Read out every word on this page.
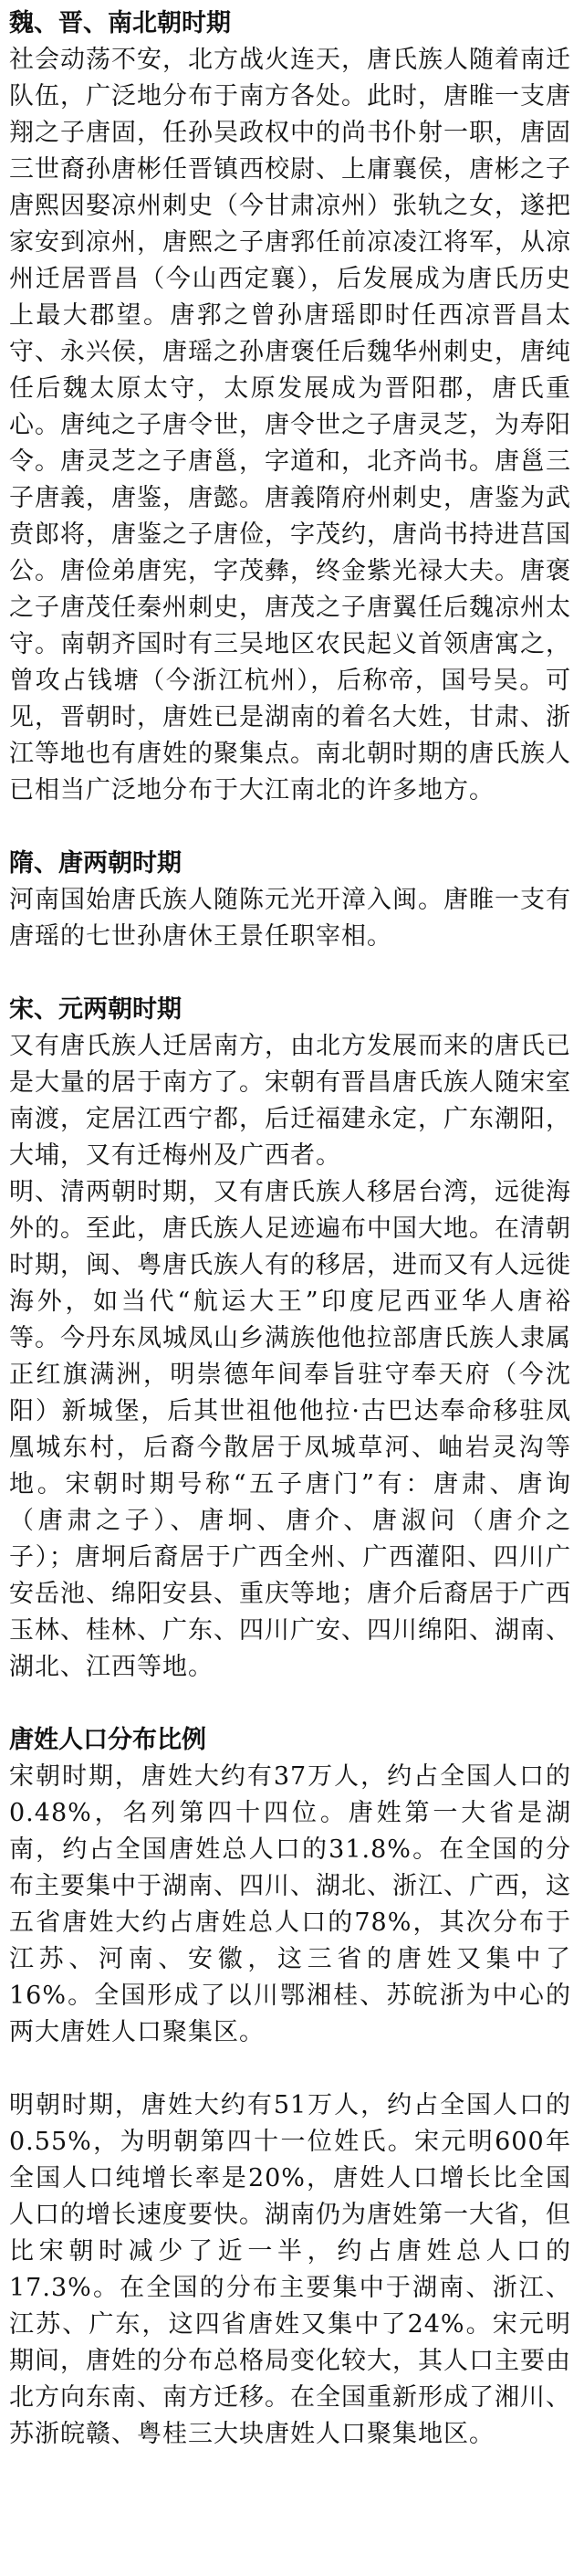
魏、晋、南北朝时期

社会动荡不安，北方战火连天，唐氏族人随着南迁队伍，广泛地分布于南方各处。此时，唐睢一支唐翔之子唐固，任孙吴政权中的尚书仆射一职，唐固三世裔孙唐彬任晋镇西校尉、上庸襄侯，唐彬之子唐熙因娶凉州刺史（今甘肃凉州）张轨之女，遂把家安到凉州，唐熙之子唐郛任前凉凌江将军，从凉州迁居晋昌（今山西定襄），后发展成为唐氏历史上最大郡望。唐郛之曾孙唐瑶即时任西凉晋昌太守、永兴侯，唐瑶之孙唐褒任后魏华州刺史，唐纯任后魏太原太守，太原发展成为晋阳郡，唐氏重心。唐纯之子唐令世，唐令世之子唐灵芝，为寿阳令。唐灵芝之子唐邕，字道和，北齐尚书。唐邕三子唐義，唐鉴，唐懿。唐義隋府州刺史，唐鉴为武贲郎将，唐鉴之子唐俭，字茂约，唐尚书持进莒国公。唐俭弟唐宪，字茂彝，终金紫光禄大夫。唐褒之子唐茂任秦州刺史，唐茂之子唐翼任后魏凉州太守。南朝齐国时有三吴地区农民起义首领唐寓之，曾攻占钱塘（今浙江杭州），后称帝，国号吴。可见，晋朝时，唐姓已是湖南的着名大姓，甘肃、浙江等地也有唐姓的聚集点。南北朝时期的唐氏族人已相当广泛地分布于大江南北的许多地方。

隋、唐两朝时期

河南国始唐氏族人随陈元光开漳入闽。唐睢一支有唐瑶的七世孙唐休王景任职宰相。

宋、元两朝时期

又有唐氏族人迁居南方，由北方发展而来的唐氏已是大量的居于南方了。宋朝有晋昌唐氏族人随宋室南渡，定居江西宁都，后迁福建永定，广东潮阳，大埔，又有迁梅州及广西者。

明、清两朝时期，又有唐氏族人移居台湾，远徙海外的。至此，唐氏族人足迹遍布中国大地。在清朝时期，闽、粤唐氏族人有的移居，进而又有人远徙海外，如当代“航运大王”印度尼西亚华人唐裕等。今丹东凤城凤山乡满族他他拉部唐氏族人隶属正红旗满洲，明崇德年间奉旨驻守奉天府（今沈阳）新城堡，后其世祖他他拉·古巴达奉命移驻凤凰城东村，后裔今散居于凤城草河、岫岩灵沟等地。宋朝时期号称“五子唐门”有：唐肃、唐询（唐肃之子）、唐坰、唐介、唐淑问（唐介之子）；唐坰后裔居于广西全州、广西灌阳、四川广安岳池、绵阳安县、重庆等地；唐介后裔居于广西玉林、桂林、广东、四川广安、四川绵阳、湖南、湖北、江西等地。

唐姓人口分布比例

宋朝时期，唐姓大约有37万人，约占全国人口的0.48%，名列第四十四位。唐姓第一大省是湖南，约占全国唐姓总人口的31.8%。在全国的分布主要集中于湖南、四川、湖北、浙江、广西，这五省唐姓大约占唐姓总人口的78%，其次分布于江苏、河南、安徽，这三省的唐姓又集中了16%。全国形成了以川鄂湘桂、苏皖浙为中心的两大唐姓人口聚集区。

明朝时期，唐姓大约有51万人，约占全国人口的0.55%，为明朝第四十一位姓氏。宋元明600年全国人口纯增长率是20%，唐姓人口增长比全国人口的增长速度要快。湖南仍为唐姓第一大省，但比宋朝时减少了近一半，约占唐姓总人口的17.3%。在全国的分布主要集中于湖南、浙江、江苏、广东，这四省唐姓又集中了24%。宋元明期间，唐姓的分布总格局变化较大，其人口主要由北方向东南、南方迁移。在全国重新形成了湘川、苏浙皖赣、粤桂三大块唐姓人口聚集地区。
